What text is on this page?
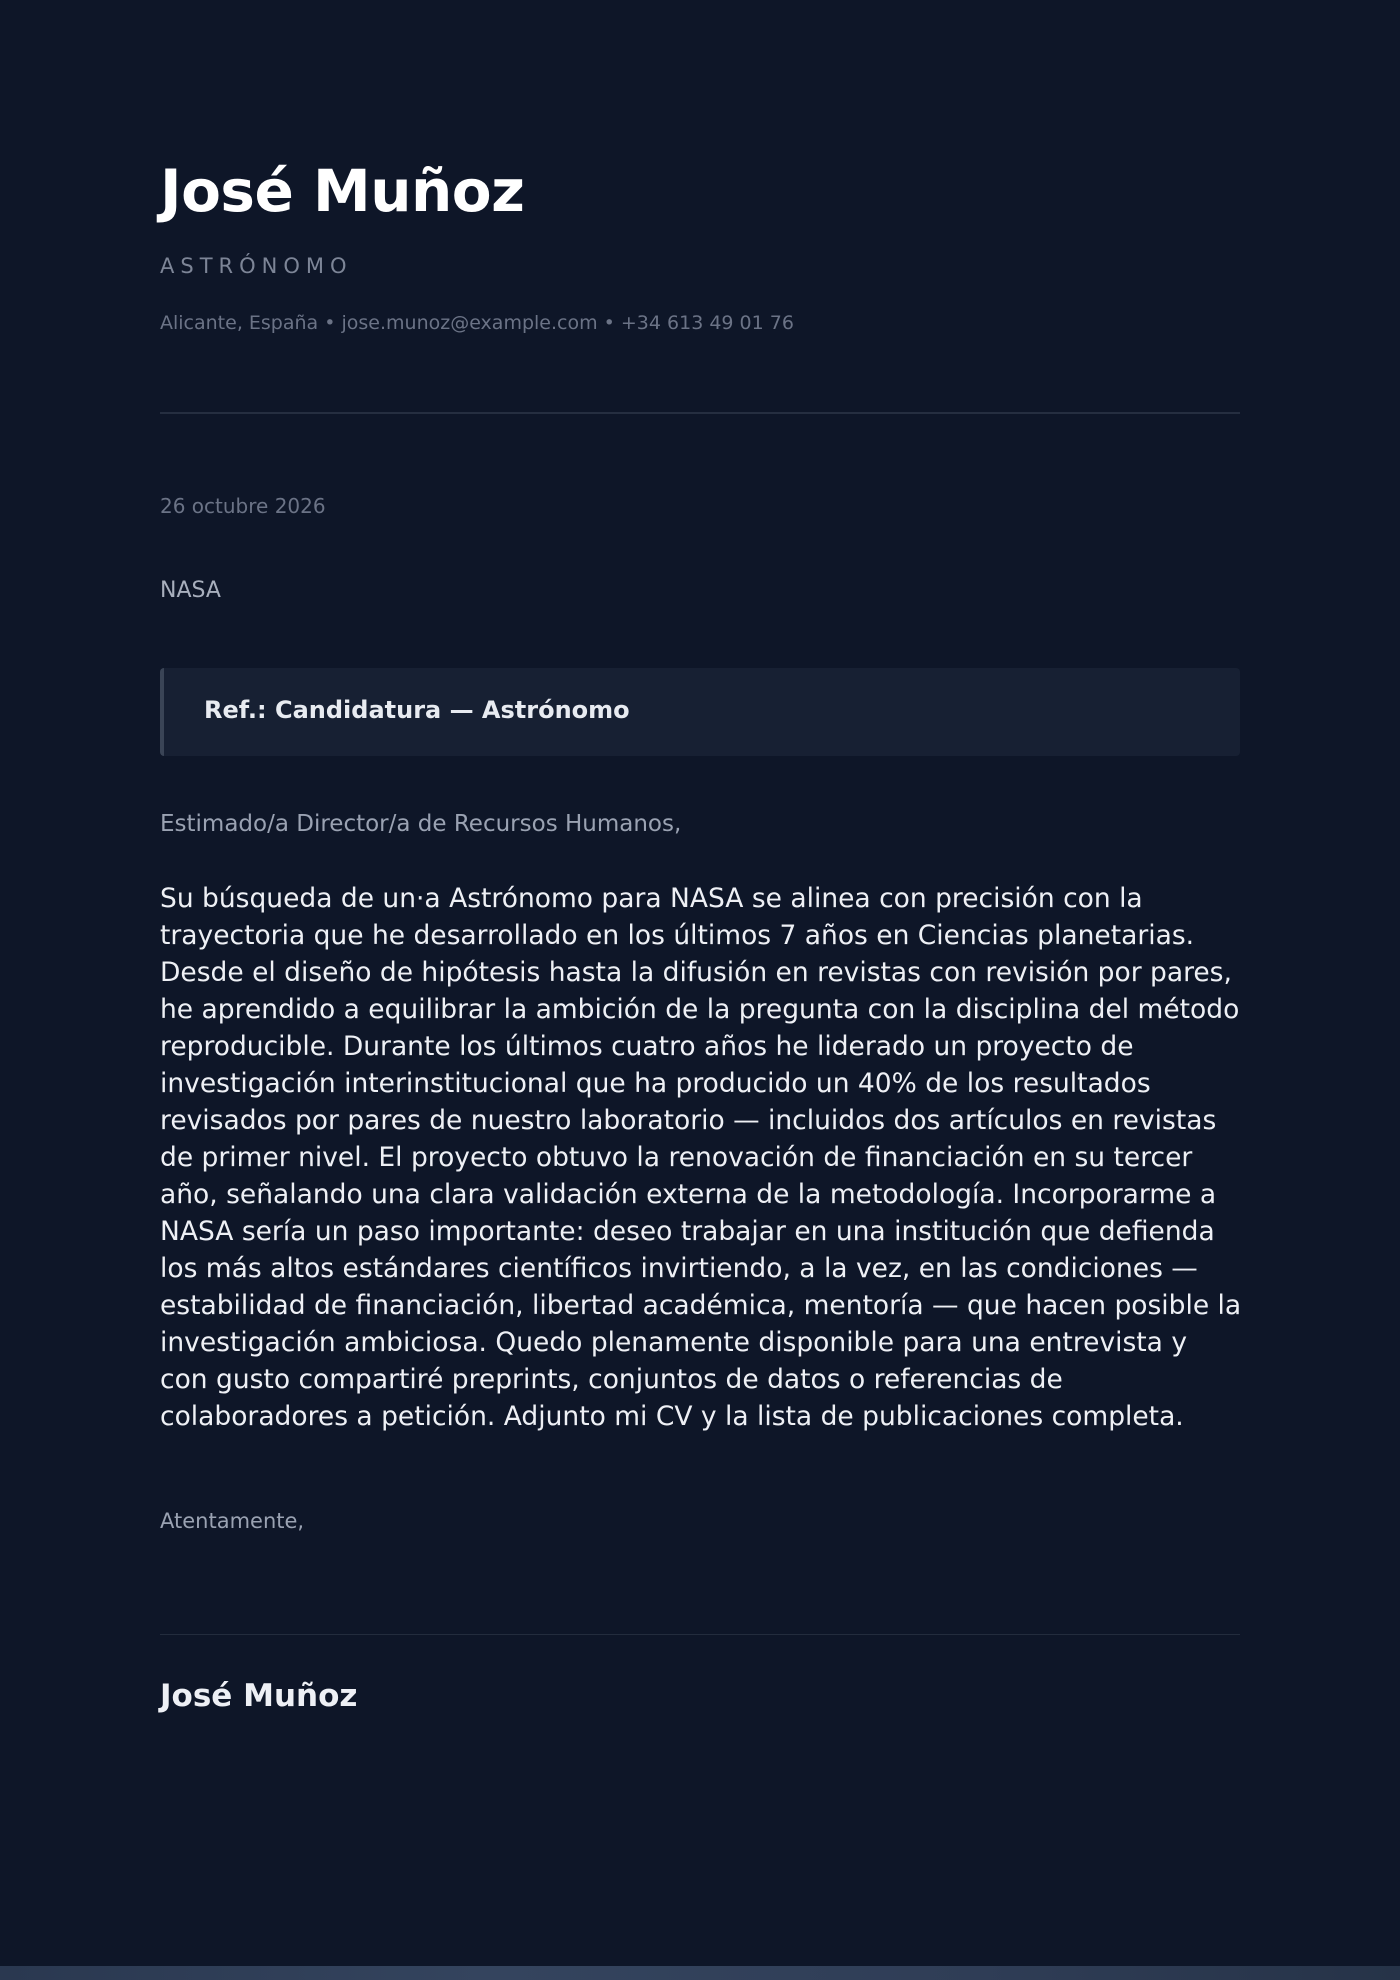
José Muñoz
ASTRÓNOMO
Alicante, España • jose.munoz@example.com • +34 613 49 01 76
26 octubre 2026
NASA
Ref.: Candidatura — Astrónomo
Estimado/a Director/a de Recursos Humanos,

Su búsqueda de un·a Astrónomo para NASA se alinea con precisión con la trayectoria que he desarrollado en los últimos 7 años en Ciencias planetarias. Desde el diseño de hipótesis hasta la difusión en revistas con revisión por pares, he aprendido a equilibrar la ambición de la pregunta con la disciplina del método reproducible. Durante los últimos cuatro años he liderado un proyecto de investigación interinstitucional que ha producido un 40% de los resultados revisados por pares de nuestro laboratorio — incluidos dos artículos en revistas de primer nivel. El proyecto obtuvo la renovación de financiación en su tercer año, señalando una clara validación externa de la metodología. Incorporarme a NASA sería un paso importante: deseo trabajar en una institución que defienda los más altos estándares científicos invirtiendo, a la vez, en las condiciones — estabilidad de financiación, libertad académica, mentoría — que hacen posible la investigación ambiciosa. Quedo plenamente disponible para una entrevista y con gusto compartiré preprints, conjuntos de datos o referencias de colaboradores a petición. Adjunto mi CV y la lista de publicaciones completa.

Atentamente,
José Muñoz
